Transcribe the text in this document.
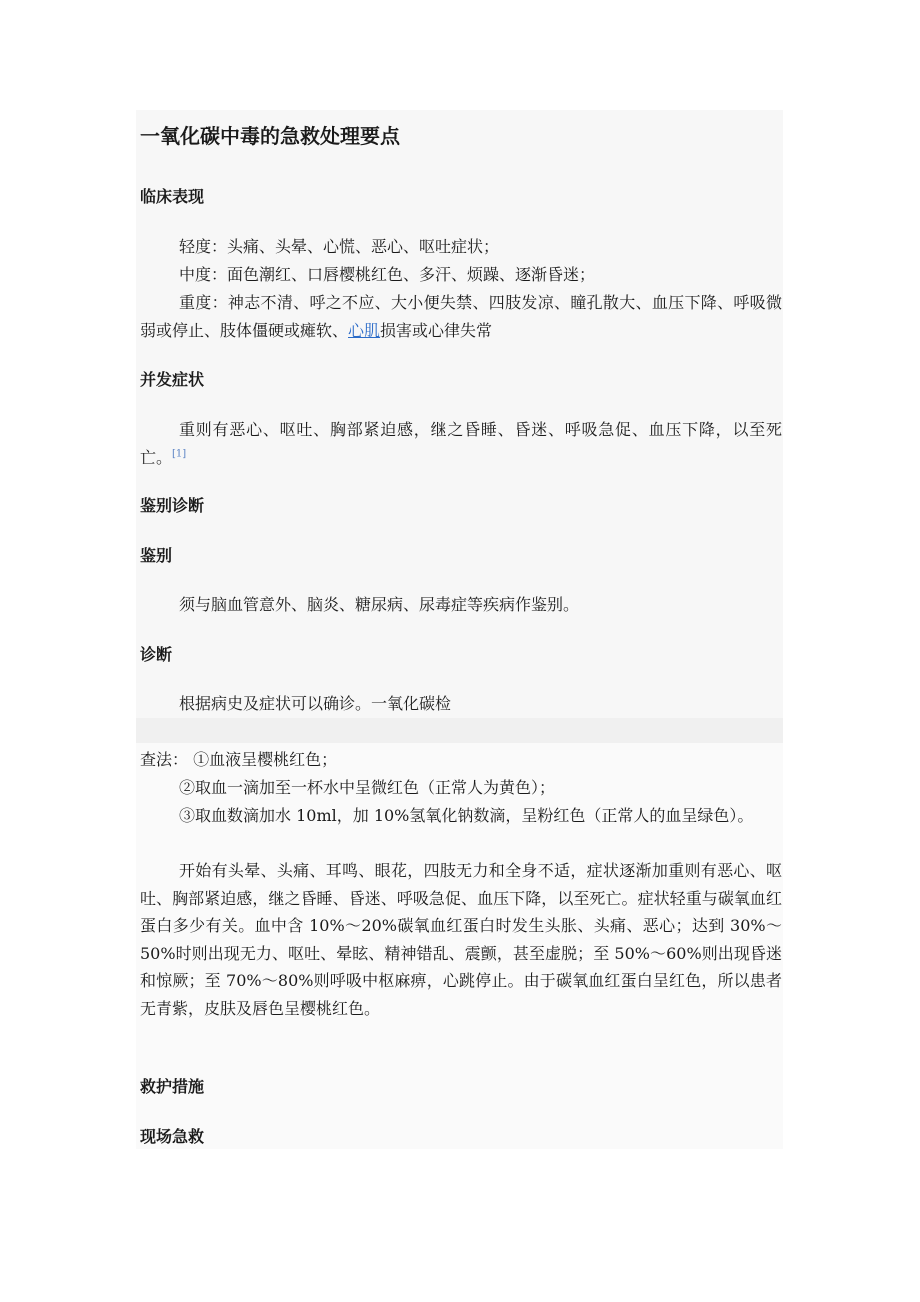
一氧化碳中毒的急救处理要点
临床表现

轻度：头痛、头晕、心慌、恶心、呕吐症状；

中度：面色潮红、口唇樱桃红色、多汗、烦躁、逐渐昏迷；

重度：神志不清、呼之不应、大小便失禁、四肢发凉、瞳孔散大、血压下降、呼吸微弱或停止、肢体僵硬或瘫软、心肌损害或心律失常

并发症状

重则有恶心、呕吐、胸部紧迫感，继之昏睡、昏迷、呼吸急促、血压下降，以至死亡。[1]

鉴别诊断
鉴别

须与脑血管意外、脑炎、糖尿病、尿毒症等疾病作鉴别。

诊断

根据病史及症状可以确诊。一氧化碳检

查法： ①血液呈樱桃红色；

②取血一滴加至一杯水中呈微红色（正常人为黄色）；

③取血数滴加水 10ml，加 10%氢氧化钠数滴，呈粉红色（正常人的血呈绿色）。

开始有头晕、头痛、耳鸣、眼花，四肢无力和全身不适，症状逐渐加重则有恶心、呕吐、胸部紧迫感，继之昏睡、昏迷、呼吸急促、血压下降，以至死亡。症状轻重与碳氧血红蛋白多少有关。血中含 10%～20%碳氧血红蛋白时发生头胀、头痛、恶心；达到 30%～50%时则出现无力、呕吐、晕眩、精神错乱、震颤，甚至虚脱；至 50%～60%则出现昏迷和惊厥；至 70%～80%则呼吸中枢麻痹，心跳停止。由于碳氧血红蛋白呈红色，所以患者无青紫，皮肤及唇色呈樱桃红色。

救护措施
现场急救
